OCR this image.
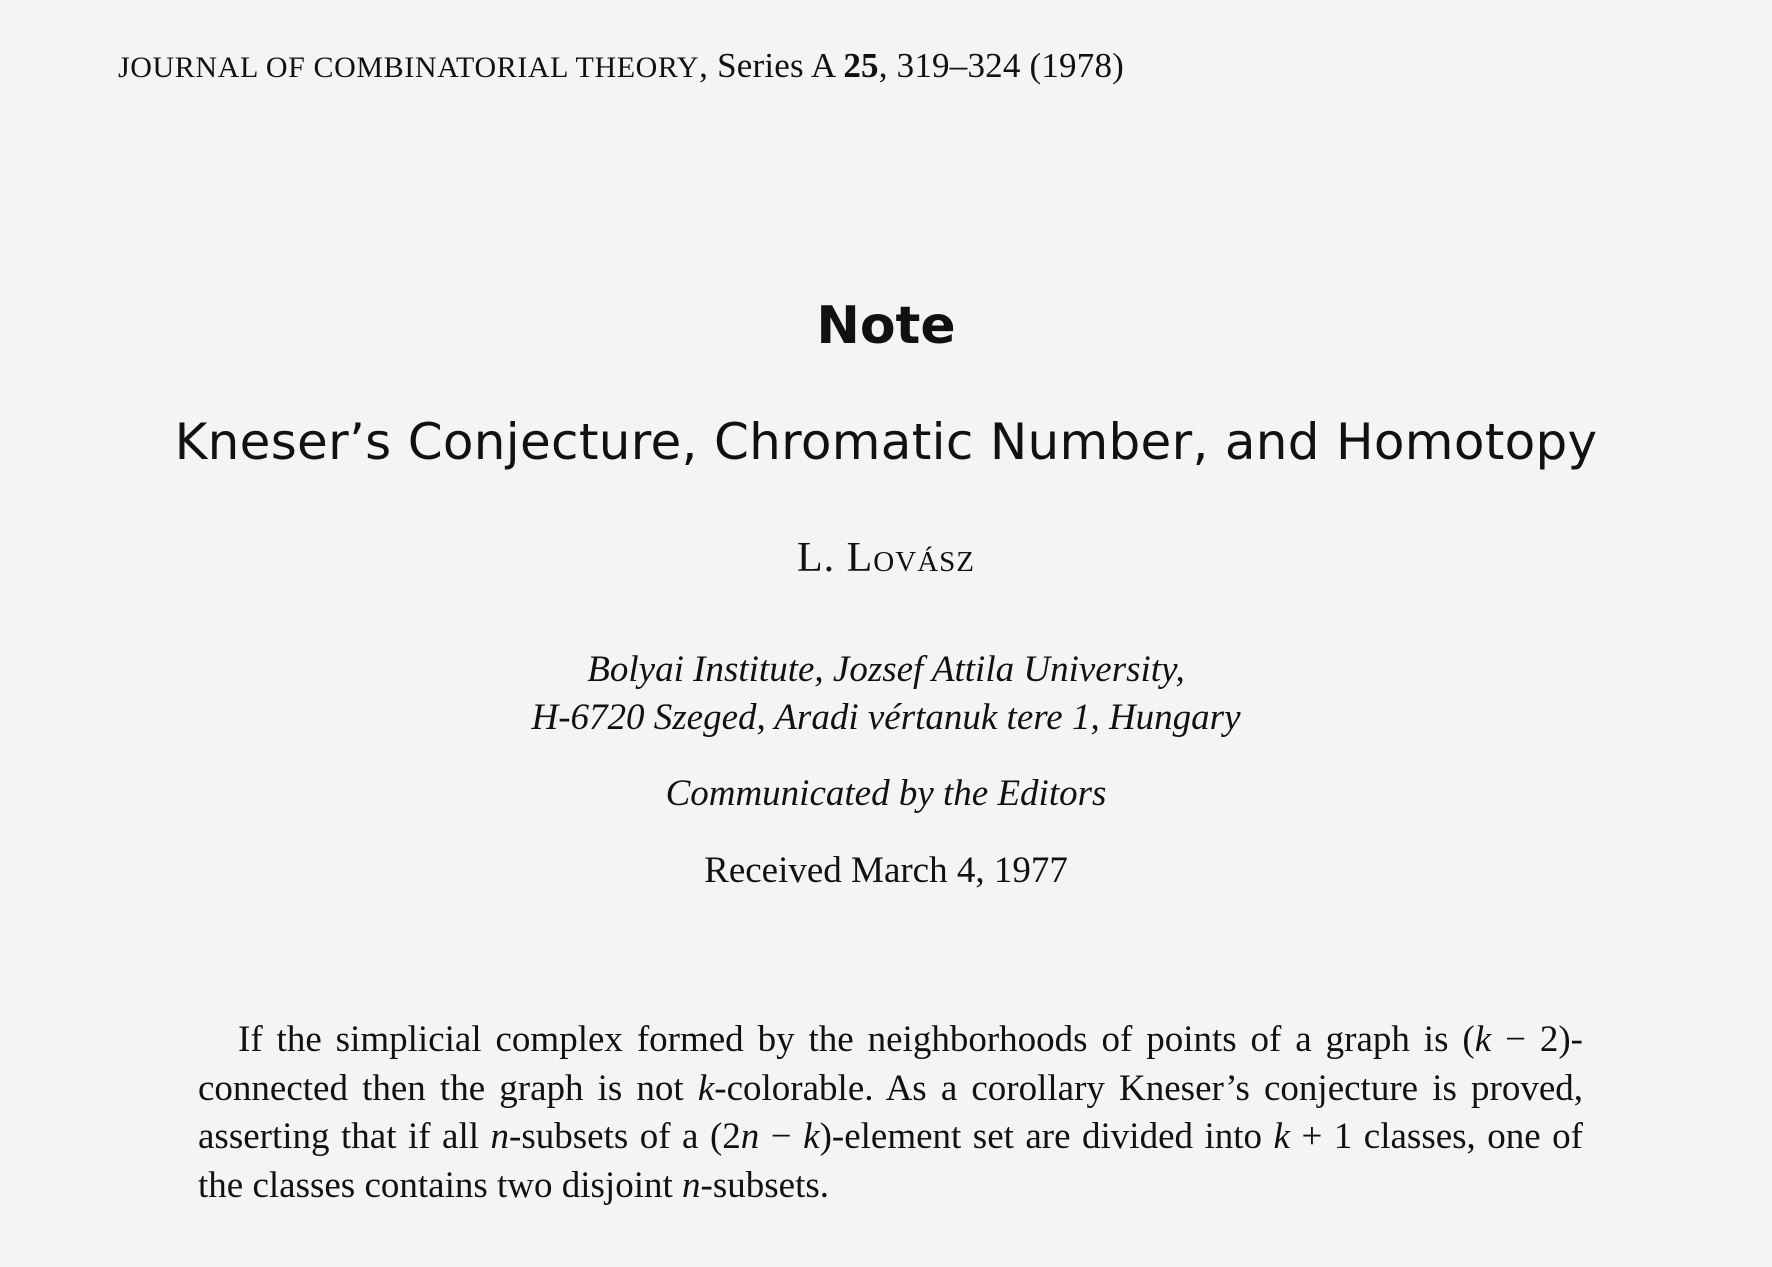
JOURNAL OF COMBINATORIAL THEORY, Series A 25, 319–324 (1978)
Note
Kneser’s Conjecture, Chromatic Number, and Homotopy
L. Lovász
Bolyai Institute, Jozsef Attila University,
H-6720 Szeged, Aradi vértanuk tere 1, Hungary
Communicated by the Editors
Received March 4, 1977
If the simplicial complex formed by the neighborhoods of points of a graph is (k − 2)-connected then the graph is not k-colorable. As a corollary Kneser’s conjecture is proved, asserting that if all n-subsets of a (2n − k)-element set are divided into k + 1 classes, one of the classes contains two disjoint n-subsets.
